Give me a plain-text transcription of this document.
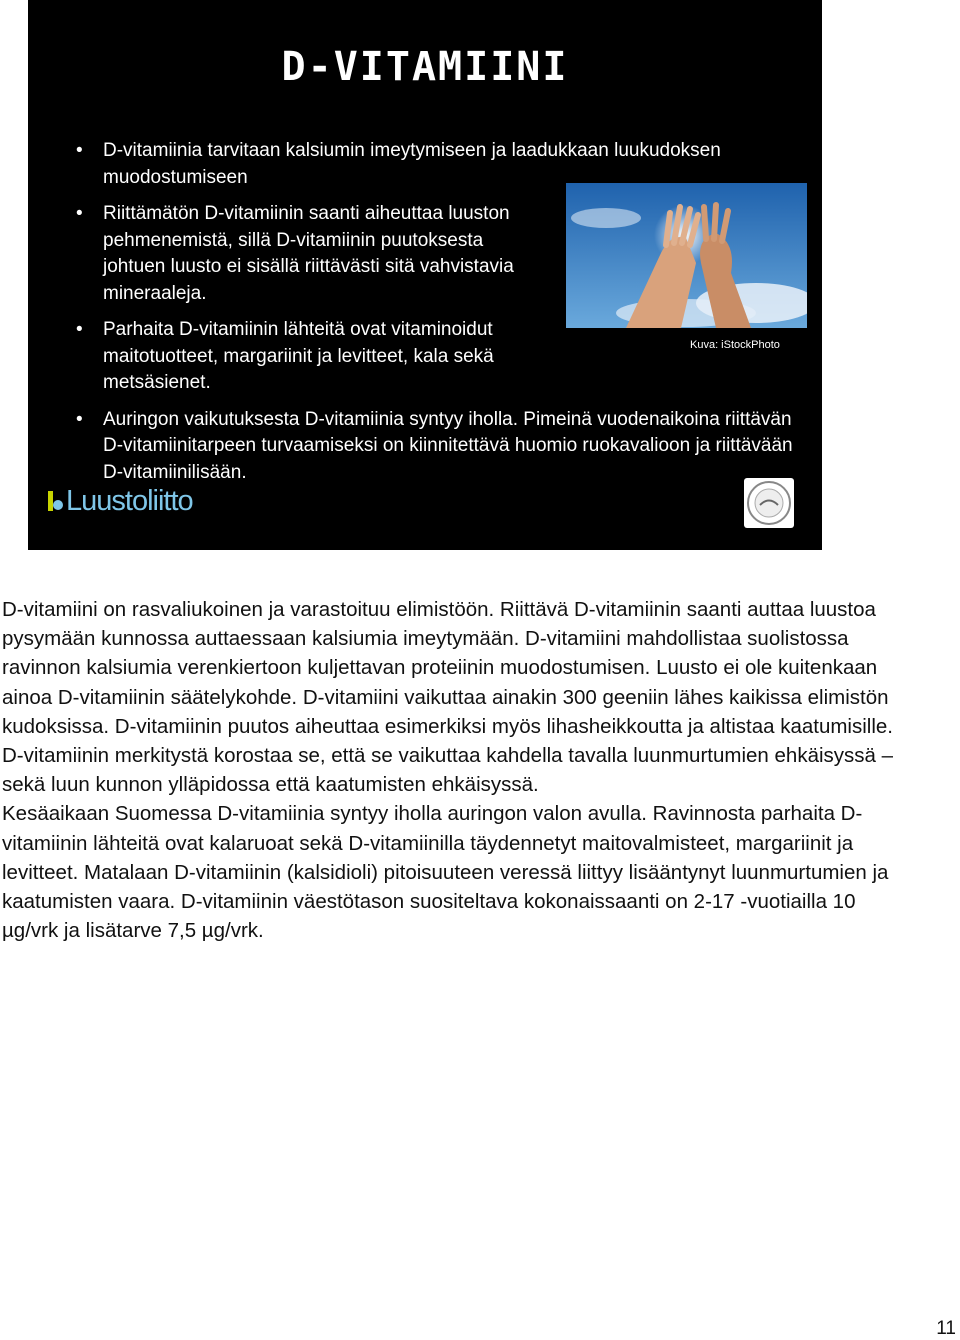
D-VITAMIINI
• D-vitamiinia tarvitaan kalsiumin imeytymiseen ja laadukkaan luukudoksen muodostumiseen
• Riittämätön D-vitamiinin saanti aiheuttaa luuston pehmenemistä, sillä D-vitamiinin puutoksesta johtuen luusto ei sisällä riittävästi sitä vahvistavia mineraaleja.
• Parhaita D-vitamiinin lähteitä ovat vitaminoidut maitotuotteet, margariinit ja levitteet, kala sekä metsäsienet.
• Auringon vaikutuksesta D-vitamiinia syntyy iholla. Pimeinä vuodenaikoina riittävän D-vitamiinitarpeen turvaamiseksi on kiinnitettävä huomio ruokavalioon ja riittävään D-vitamiinilisään.
Kuva: iStockPhoto
Luustoliitto

D-vitamiini on rasvaliukoinen ja varastoituu elimistöön. Riittävä D-vitamiinin saanti auttaa luustoa pysymään kunnossa auttaessaan kalsiumia imeytymään. D-vitamiini mahdollistaa suolistossa ravinnon kalsiumia verenkiertoon kuljettavan proteiinin muodostumisen. Luusto ei ole kuitenkaan ainoa D-vitamiinin säätelykohde. D-vitamiini vaikuttaa ainakin 300 geeniin lähes kaikissa elimistön kudoksissa. D-vitamiinin puutos aiheuttaa esimerkiksi myös lihasheikkoutta ja altistaa kaatumisille. D-vitamiinin merkitystä korostaa se, että se vaikuttaa kahdella tavalla luunmurtumien ehkäisyssä – sekä luun kunnon ylläpidossa että kaatumisten ehkäisyssä.

Kesäaikaan Suomessa D-vitamiinia syntyy iholla auringon valon avulla. Ravinnosta parhaita D-vitamiinin lähteitä ovat kalaruoat sekä D-vitamiinilla täydennetyt maitovalmisteet, margariinit ja levitteet. Matalaan D-vitamiinin (kalsidioli) pitoisuuteen veressä liittyy lisääntynyt luunmurtumien ja kaatumisten vaara. D-vitamiinin väestötason suositeltava kokonaissaanti on 2-17 -vuotiailla 10 µg/vrk ja lisätarve 7,5 µg/vrk.

11
